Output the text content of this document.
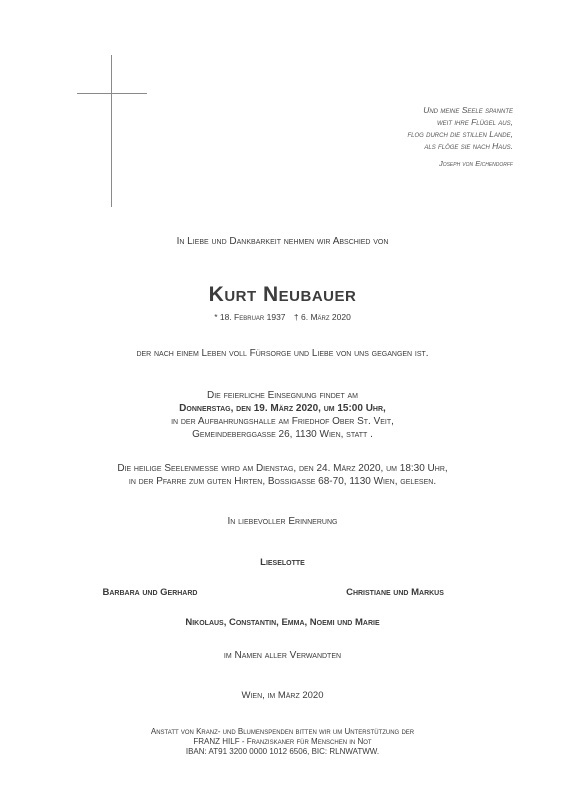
Und meine Seele spannte
weit ihre Flügel aus,
flog durch die stillen Lande,
als flöge sie nach Haus.
Joseph von Eichendorff
In Liebe und Dankbarkeit nehmen wir Abschied von
Kurt Neubauer
* 18. Februar 1937 † 6. März 2020
der nach einem Leben voll Fürsorge und Liebe von uns gegangen ist.
Die feierliche Einsegnung findet am
Donnerstag, den 19. März 2020, um 15:00 Uhr,
in der Aufbahrungshalle am Friedhof Ober St. Veit,
Gemeindeberggasse 26, 1130 Wien, statt .
Die heilige Seelenmesse wird am Dienstag, den 24. März 2020, um 18:30 Uhr,
in der Pfarre zum guten Hirten, Bossigasse 68-70, 1130 Wien, gelesen.
In liebevoller Erinnerung
Lieselotte
Barbara und Gerhard	Christiane und Markus
Nikolaus, Constantin, Emma, Noemi und Marie
im Namen aller Verwandten
Wien, im März 2020
Anstatt von Kranz- und Blumenspenden bitten wir um Unterstützung der
FRANZ HILF - Franziskaner für Menschen in Not
IBAN: AT91 3200 0000 1012 6506, BIC: RLNWATWW.
